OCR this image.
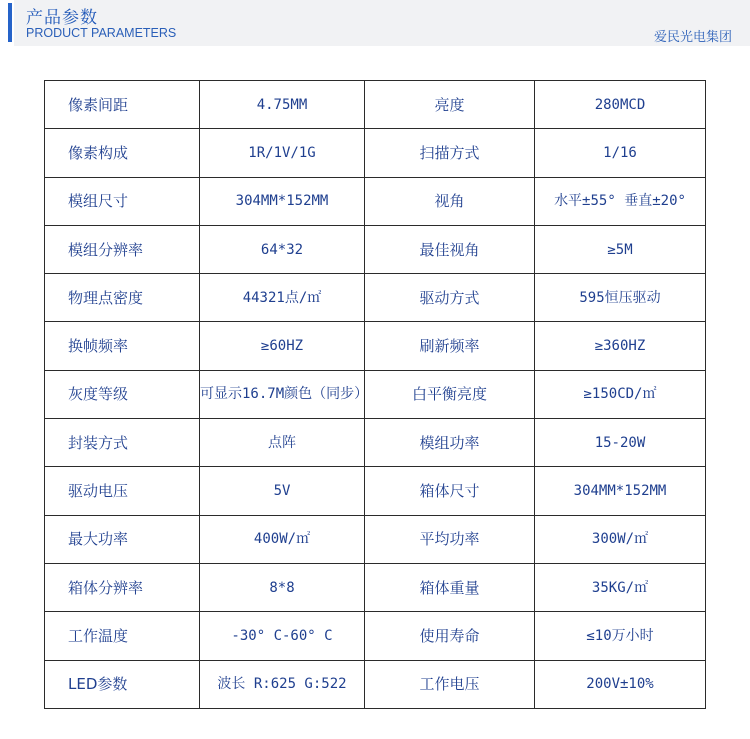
产品参数
PRODUCT PARAMETERS	爱民光电集团
像素间距	4.75MM	亮度	280MCD
像素构成	1R/1V/1G	扫描方式	1/16
模组尺寸	304MM*152MM	视角	水平±55° 垂直±20°
模组分辨率	64*32	最佳视角	≥5M
物理点密度	44321点/㎡	驱动方式	595恒压驱动
换帧频率	≥60HZ	刷新频率	≥360HZ
灰度等级	可显示16.7M颜色（同步）	白平衡亮度	≥150CD/㎡
封装方式	点阵	模组功率	15-20W
驱动电压	5V	箱体尺寸	304MM*152MM
最大功率	400W/㎡	平均功率	300W/㎡
箱体分辨率	8*8	箱体重量	35KG/㎡
工作温度	-30° C-60° C	使用寿命	≤10万小时
LED参数	波长 R:625 G:522	工作电压	200V±10%
